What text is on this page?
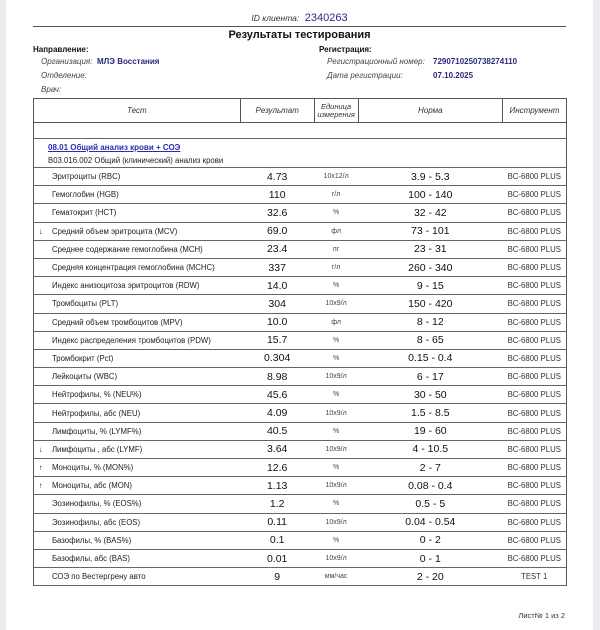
ID клиента: 2340263
Результаты тестирования
Направление:
Организация: МЛЭ Восстания
Отделение:
Врач:
Регистрация:
Регистрационный номер: 7290710250738274110
Дата регистрации:	07.10.2025
Тест		Результат	Единица измерения	Норма	Инструмент

08.01 Общий анализ крови + СОЭ
B03.016.002 Общий (клинический) анализ крови					

	Эритроциты (RBC)	4.73	10x12/л	3.9 - 5.3	BC-6800 PLUS
	Гемоглобин (HGB)	110	г/л	100 - 140	BC-6800 PLUS
	Гематокрит (HCT)	32.6	%	32 - 42	BC-6800 PLUS
↓	Средний объем эритроцита (MCV)	69.0	фл	73 - 101	BC-6800 PLUS
	Среднее содержание гемоглобина (MCH)	23.4	пг	23 - 31	BC-6800 PLUS
	Средняя концентрация гемоглобина (MCHC)	337	г/л	260 - 340	BC-6800 PLUS
	Индекс анизоцитоза эритроцитов (RDW)	14.0	%	9 - 15	BC-6800 PLUS
	Тромбоциты (PLT)	304	10x9/л	150 - 420	BC-6800 PLUS
	Средний объем тромбоцитов (MPV)	10.0	фл	8 - 12	BC-6800 PLUS
	Индекс распределения тромбоцитов (PDW)	15.7	%	8 - 65	BC-6800 PLUS
	Тромбокрит (Pct)	0.304	%	0.15 - 0.4	BC-6800 PLUS
	Лейкоциты (WBC)	8.98	10x9/л	6 - 17	BC-6800 PLUS
	Нейтрофилы, % (NEU%)	45.6	%	30 - 50	BC-6800 PLUS
	Нейтрофилы, абс (NEU)	4.09	10x9/л	1.5 - 8.5	BC-6800 PLUS
	Лимфоциты, % (LYMF%)	40.5	%	19 - 60	BC-6800 PLUS
↓	Лимфоциты , абс (LYMF)	3.64	10x9/л	4 - 10.5	BC-6800 PLUS
↑	Моноциты, % (MON%)	12.6	%	2 - 7	BC-6800 PLUS
↑	Моноциты, абс (MON)	1.13	10x9/л	0.08 - 0.4	BC-6800 PLUS
	Эозинофилы, % (EOS%)	1.2	%	0.5 - 5	BC-6800 PLUS
	Эозинофилы, абс (EOS)	0.11	10x9/л	0.04 - 0.54	BC-6800 PLUS
	Базофилы, % (BAS%)	0.1	%	0 - 2	BC-6800 PLUS
	Базофилы, абс (BAS)	0.01	10x9/л	0 - 1	BC-6800 PLUS
	СОЭ по Вестергрену авто	9	мм/час	2 - 20	TEST 1
Лист№ 1 из 2
